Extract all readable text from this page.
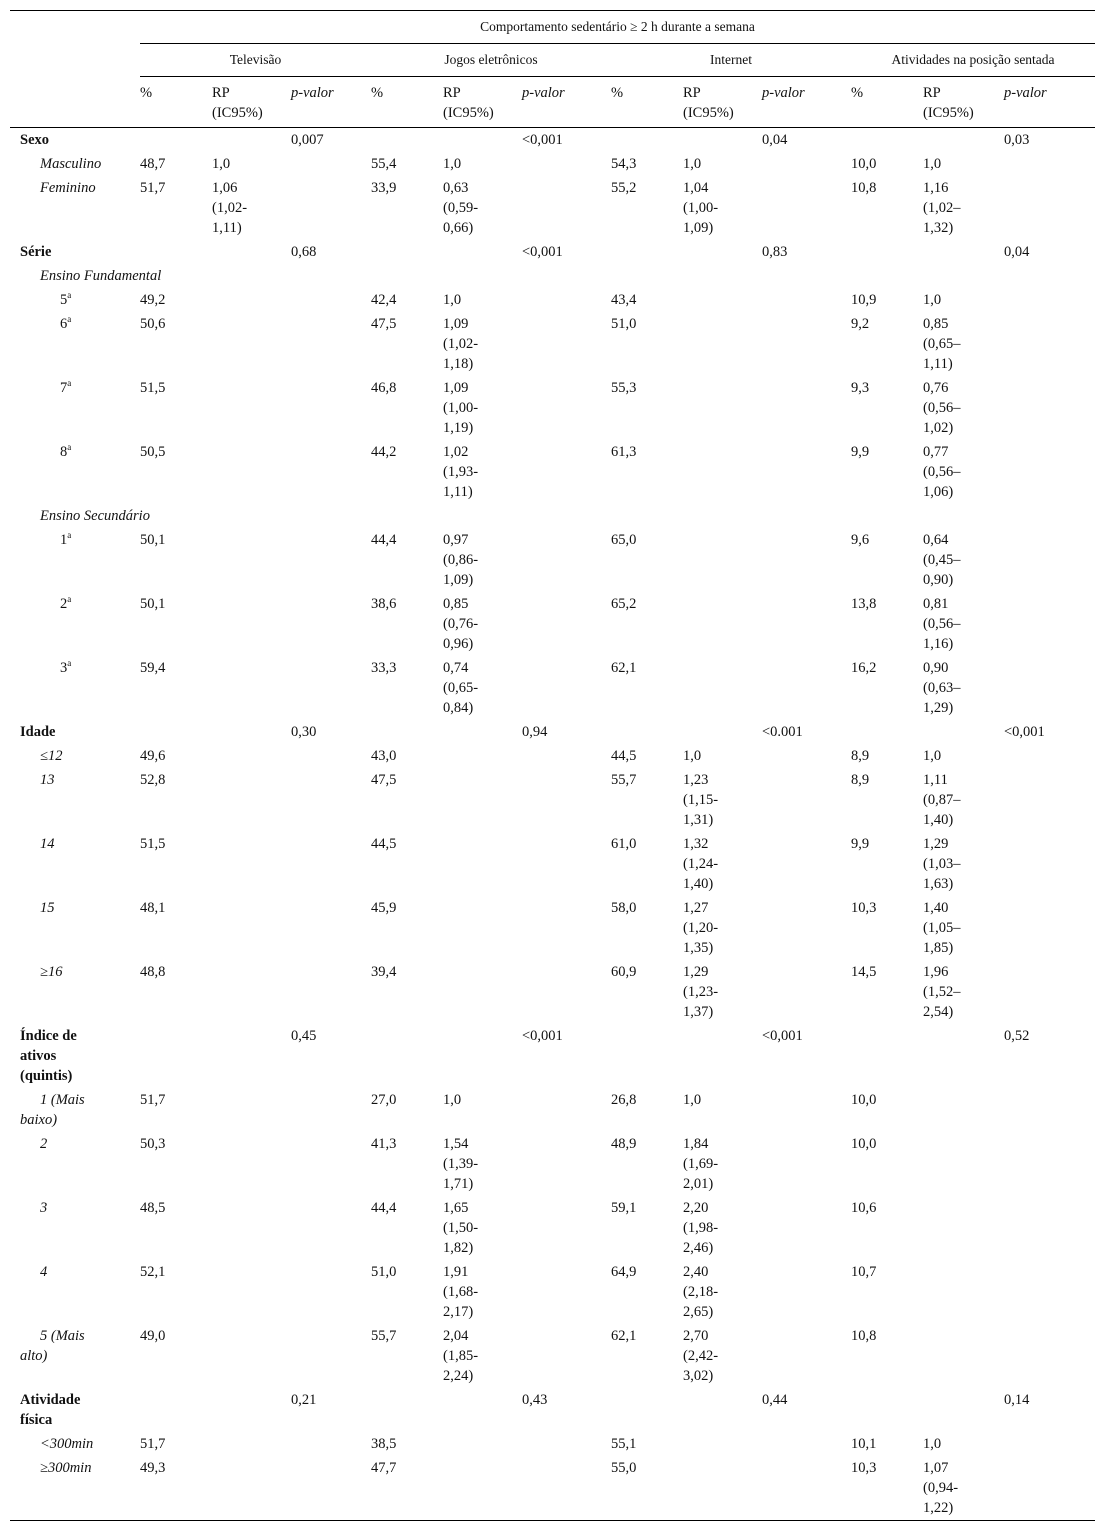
	Comportamento sedentário ≥ 2 h durante a semana											
	Televisão			Jogos eletrônicos			Internet			Atividades na posição sentada		
	%	RP
(IC95%)	p-valor	%	RP
(IC95%)	p-valor	%	RP
(IC95%)	p-valor	%	RP
(IC95%)	p-valor
Sexo			0,007			<0,001			0,04			0,03
Masculino	48,7	1,0		55,4	1,0		54,3	1,0		10,0	1,0	
Feminino	51,7	1,06
(1,02-
1,11)		33,9	0,63
(0,59-
0,66)		55,2	1,04
(1,00-
1,09)		10,8	1,16
(1,02–
1,32)	
Série			0,68			<0,001			0,83			0,04
Ensino Fundamental												
5$^a$	49,2			42,4	1,0		43,4			10,9	1,0	
6$^a$	50,6			47,5	1,09
(1,02-
1,18)		51,0			9,2	0,85
(0,65–
1,11)	
7$^a$	51,5			46,8	1,09
(1,00-
1,19)		55,3			9,3	0,76
(0,56–
1,02)	
8$^a$	50,5			44,2	1,02
(1,93-
1,11)		61,3			9,9	0,77
(0,56–
1,06)	
Ensino Secundário												
1$^a$	50,1			44,4	0,97
(0,86-
1,09)		65,0			9,6	0,64
(0,45–
0,90)	
2$^a$	50,1			38,6	0,85
(0,76-
0,96)		65,2			13,8	0,81
(0,56–
1,16)	
3$^a$	59,4			33,3	0,74
(0,65-
0,84)		62,1			16,2	0,90
(0,63–
1,29)	
Idade			0,30			0,94			<0.001			<0,001
≤12	49,6			43,0			44,5	1,0		8,9	1,0	
13	52,8			47,5			55,7	1,23
(1,15-
1,31)		8,9	1,11
(0,87–
1,40)	
14	51,5			44,5			61,0	1,32
(1,24-
1,40)		9,9	1,29
(1,03–
1,63)	
15	48,1			45,9			58,0	1,27
(1,20-
1,35)		10,3	1,40
(1,05–
1,85)	
≥16	48,8			39,4			60,9	1,29
(1,23-
1,37)		14,5	1,96
(1,52–
2,54)	
Índice de
ativos
(quintis)			0,45			<0,001			<0,001			0,52
1 (Mais
baixo)	51,7			27,0	1,0		26,8	1,0		10,0		
2	50,3			41,3	1,54
(1,39-
1,71)		48,9	1,84
(1,69-
2,01)		10,0		
3	48,5			44,4	1,65
(1,50-
1,82)		59,1	2,20
(1,98-
2,46)		10,6		
4	52,1			51,0	1,91
(1,68-
2,17)		64,9	2,40
(2,18-
2,65)		10,7		
5 (Mais
alto)	49,0			55,7	2,04
(1,85-
2,24)		62,1	2,70
(2,42-
3,02)		10,8		
Atividade
física			0,21			0,43			0,44			0,14
<300min	51,7			38,5			55,1			10,1	1,0	
≥300min	49,3			47,7			55,0			10,3	1,07
(0,94-
1,22)	
